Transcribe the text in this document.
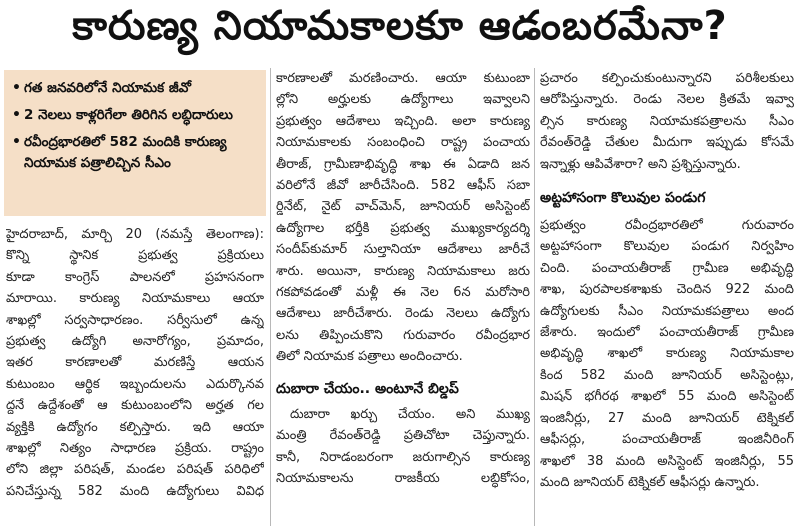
కారుణ్య నియామకాలకూ ఆడంబరమేనా?
• గత జనవరిలోనే నియామక జీవో
• 2 నెలలు కాళ్లరిగేలా తిరిగిన లబ్ధిదారులు
• రవీంద్రభారతిలో 582 మందికి కారుణ్య నియామక పత్రాలిచ్చిన సీఎం
హైదరాబాద్, మార్చి 20 (నమస్తే తెలంగాణ):
కొన్ని స్థానిక ప్రభుత్వ ప్రక్రియలు
కూడా కాంగ్రెస్ పాలనలో ప్రహసనంగా
మారాయి. కారుణ్య నియామకాలు ఆయా
శాఖల్లో సర్వసాధారణం. సర్వీసులో ఉన్న
ప్రభుత్వ ఉద్యోగి అనారోగ్యం, ప్రమాదం,
ఇతర కారణాలతో మరణిస్తే ఆయన
కుటుంబం ఆర్థిక ఇబ్బందులను ఎదుర్కొనవ
ద్దనే ఉద్దేశంతో ఆ కుటుంబంలోని అర్హత గల
వ్యక్తికి ఉద్యోగం కల్పిస్తారు. ఇది ఆయా
శాఖల్లో నిత్యం సాధారణ ప్రక్రియ. రాష్ట్రం
లోని జిల్లా పరిషత్, మండల పరిషత్ పరిధిలో
పనిచేస్తున్న 582 మంది ఉద్యోగులు వివిధ
కారణాలతో మరణించారు. ఆయా కుటుంబా
ల్లోని అర్హులకు ఉద్యోగాలు ఇవ్వాలని
ప్రభుత్వం ఆదేశాలు ఇచ్చింది. అలా కారుణ్య
నియామకాలకు సంబంధించి రాష్ట్ర పంచాయ
తీరాజ్, గ్రామీణాభివృద్ధి శాఖ ఈ ఏడాది జన
వరిలోనే జీవో జారీచేసింది. 582 ఆఫీస్ సబా
ర్డినేట్, నైట్ వాచ్‌మెన్, జూనియర్ అసిస్టెంట్
ఉద్యోగాల భర్తీకి ప్రభుత్వ ముఖ్యకార్యదర్శి
సందీప్‌కుమార్ సుల్తానియా ఆదేశాలు జారీచే
శారు. అయినా, కారుణ్య నియామకాలు జరు
గకపోవడంతో మళ్లీ ఈ నెల 6న మరోసారి
ఆదేశాలు జారీచేశారు. రెండు నెలలు ఉద్యోగు
లను తిప్పించుకొని గురువారం రవీంద్రభార
తిలో నియామక పత్రాలు అందించారు.
దుబారా చేయం.. అంటూనే బిల్డప్
దుబారా ఖర్చు చేయం. అని ముఖ్య
మంత్రి రేవంత్‌రెడ్డి ప్రతిచోటా చెప్తున్నారు.
కానీ, నిరాడంబరంగా జరుగాల్సిన కారుణ్య
నియామకాలను రాజకీయ లబ్ధికోసం,
ప్రచారం కల్పించుకుంటున్నారని పరిశీలకులు
ఆరోపిస్తున్నారు. రెండు నెలల క్రితమే ఇవ్వా
ల్సిన కారుణ్య నియామకపత్రాలను సీఎం
రేవంత్‌రెడ్డి చేతుల మీదుగా ఇప్పుడు కోసమే
ఇన్నాళ్లు ఆపివేశారా? అని ప్రశ్నిస్తున్నారు.
అట్టహాసంగా కొలువుల పండుగ
ప్రభుత్వం రవీంద్రభారతిలో గురువారం
అట్టహాసంగా కొలువుల పండుగ నిర్వహిం
చింది. పంచాయతీరాజ్ గ్రామీణ అభివృద్ధి
శాఖ, పురపాలకశాఖకు చెందిన 922 మంది
ఉద్యోగులకు సీఎం నియామకపత్రాలు అంద
జేశారు. ఇందులో పంచాయతీరాజ్ గ్రామీణ
అభివృద్ధి శాఖలో కారుణ్య నియామకాల
కింద 582 మంది జూనియర్ అసిస్టెంట్లు,
మిషన్ భగీరథ శాఖలో 55 మంది అసిస్టెంట్
ఇంజినీర్లు, 27 మంది జూనియర్ టెక్నికల్
ఆఫీసర్లు, పంచాయతీరాజ్ ఇంజినీరింగ్
శాఖలో 38 మంది అసిస్టెంట్ ఇంజినీర్లు, 55
మంది జూనియర్ టెక్నికల్ ఆఫీసర్లు ఉన్నారు.
